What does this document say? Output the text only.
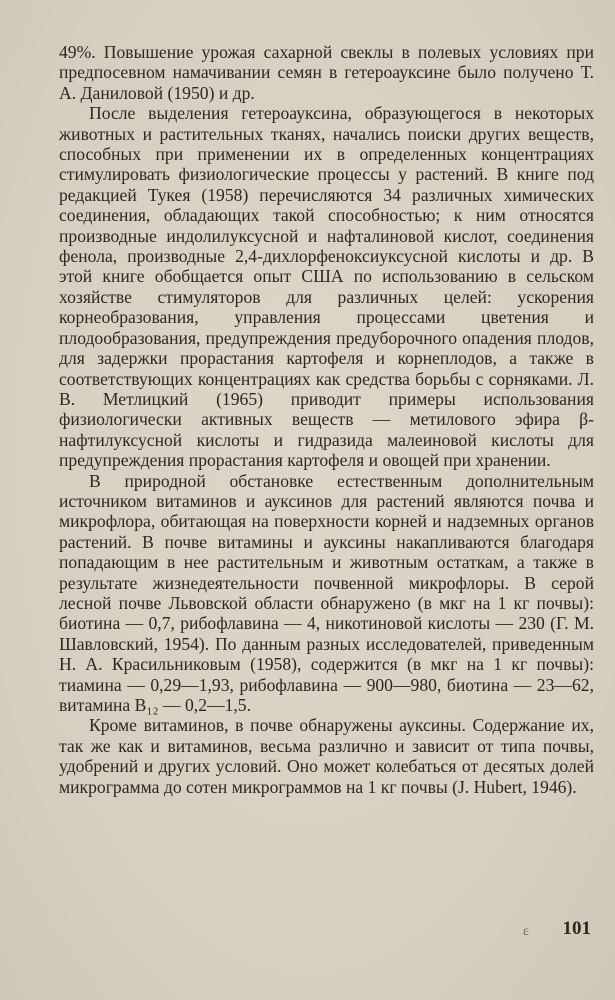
49%. Повышение урожая сахарной свеклы в полевых условиях при предпосевном намачивании семян в гетероауксине было получено Т. А. Даниловой (1950) и др.

После выделения гетероауксина, образующегося в некоторых животных и растительных тканях, начались поиски других веществ, способных при применении их в определенных концентрациях стимулировать физиологические процессы у растений. В книге под редакцией Тукея (1958) перечисляются 34 различных химических соединения, обладающих такой способностью; к ним относятся производные индолилуксусной и нафталиновой кислот, соединения фенола, производные 2,4-дихлорфеноксиуксусной кислоты и др. В этой книге обобщается опыт США по использованию в сельском хозяйстве стимуляторов для различных целей: ускорения корнеобразования, управления процессами цветения и плодообразования, предупреждения предуборочного опадения плодов, для задержки прорастания картофеля и корнеплодов, а также в соответствующих концентрациях как средства борьбы с сорняками. Л. В. Метлицкий (1965) приводит примеры использования физиологически активных веществ — метилового эфира β-нафтилуксусной кислоты и гидразида малеиновой кислоты для предупреждения прорастания картофеля и овощей при хранении.

В природной обстановке естественным дополнительным источником витаминов и ауксинов для растений являются почва и микрофлора, обитающая на поверхности корней и надземных органов растений. В почве витамины и ауксины накапливаются благодаря попадающим в нее растительным и животным остаткам, а также в результате жизнедеятельности почвенной микрофлоры. В серой лесной почве Львовской области обнаружено (в мкг на 1 кг почвы): биотина — 0,7, рибофлавина — 4, никотиновой кислоты — 230 (Г. М. Шавловский, 1954). По данным разных исследователей, приведенным Н. А. Красильниковым (1958), содержится (в мкг на 1 кг почвы): тиамина — 0,29—1,93, рибофлавина — 900—980, биотина — 23—62, витамина B₁₂ — 0,2—1,5.

Кроме витаминов, в почве обнаружены ауксины. Содержание их, так же как и витаминов, весьма различно и зависит от типа почвы, удобрений и других условий. Оно может колебаться от десятых долей микрограмма до сотен микрограммов на 1 кг почвы (J. Hubert, 1946).

ε 101
